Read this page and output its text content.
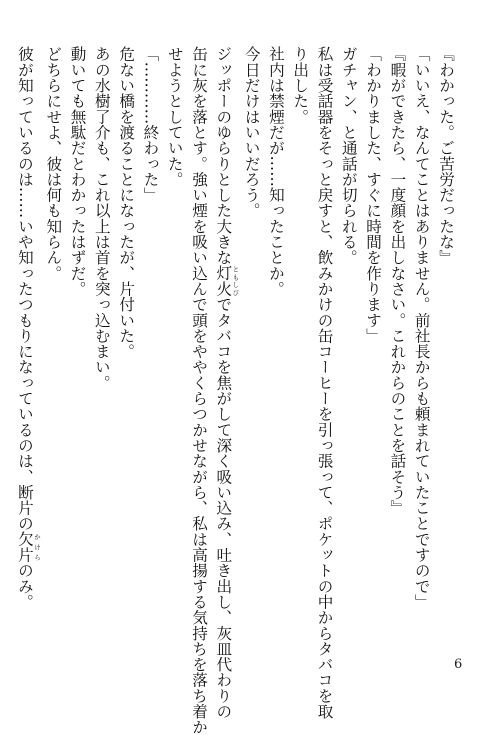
『わかった。ご苦労だったな』

「いいえ、なんてことはありません。前社長からも頼まれていたことですので」

『暇ができたら、一度顔を出しなさい。これからのことを話そう』

「わかりました、すぐに時間を作ります」

ガチャン、と通話が切られる。

私は受話器をそっと戻すと、飲みかけの缶コーヒーを引っ張って、ポケットの中からタバコを取

り出した。

社内は禁煙だが……知ったことか。

今日だけはいいだろう。

ジッポーのゆらりとした大きな灯火 ともしびでタバコを焦がして深く吸い込み、吐き出し、灰皿代わりの

缶に灰を落とす。強い煙を吸い込んで頭をややくらつかせながら、私は高揚する気持ちを落ち着か

せようとしていた。

「…………終わった」

危ない橋を渡ることになったが、片付いた。

あの水樹了介も、これ以上は首を突っ込むまい。

動いても無駄だとわかったはずだ。

どちらにせよ、彼は何も知らん。

彼が知っているのは……いや知ったつもりになっているのは、断片の欠片 かけらのみ。

6
